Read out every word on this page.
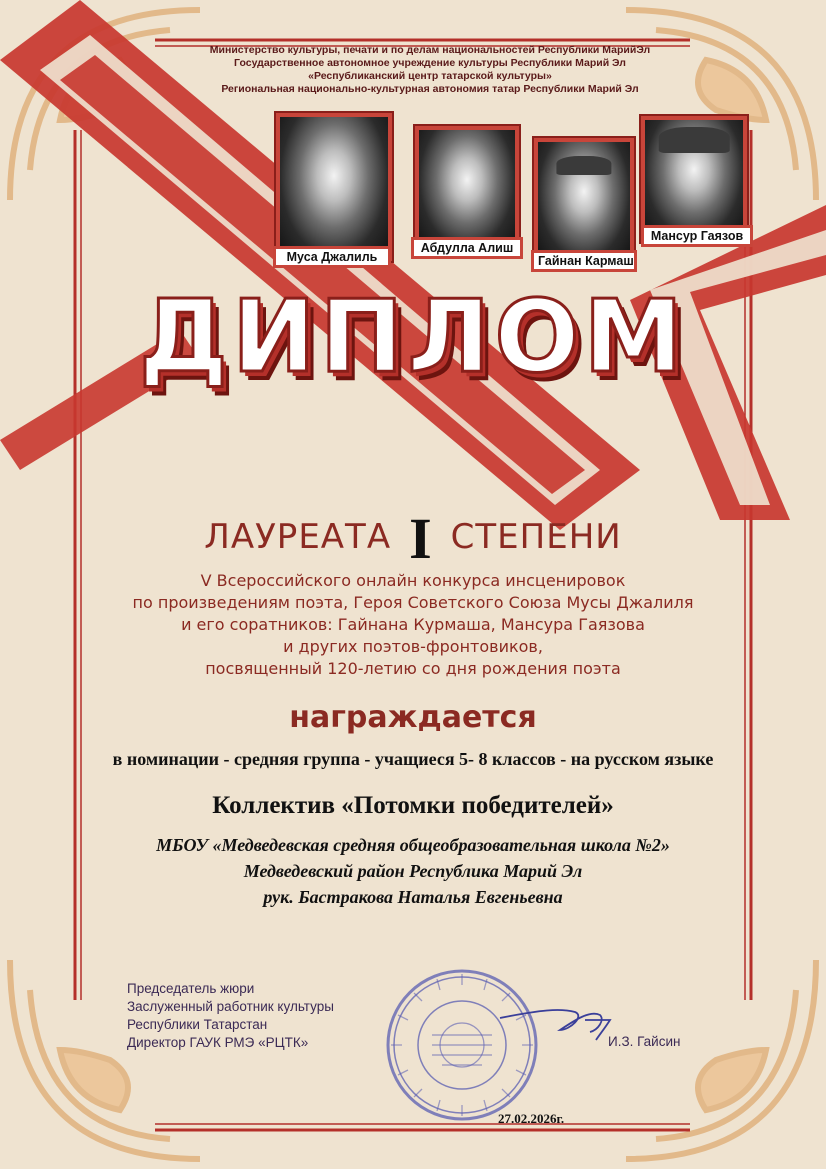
Министерство культуры, печати и по делам национальностей Республики МарийЭл
Государственное автономное учреждение культуры Республики Марий Эл
«Республиканский центр татарской культуры»
Региональная национально-культурная автономия татар Республики Марий Эл
Муса Джалиль
Абдулла Алиш
Гайнан Кармаш
Мансур Гаязов
ДИПЛОМ
ЛАУРЕАТА I СТЕПЕНИ
V Всероссийского онлайн конкурса инсценировок
по произведениям поэта, Героя Советского Союза Мусы Джалиля
и его соратников: Гайнана Курмаша, Мансура Гаязова
и других поэтов-фронтовиков,
посвященный 120-летию со дня рождения поэта
награждается
в номинации - средняя группа - учащиеся 5- 8 классов - на русском языке
Коллектив «Потомки победителей»
МБОУ «Медведевская средняя общеобразовательная школа №2»
Медведевский район Республика Марий Эл
рук. Бастракова Наталья Евгеньевна
Председатель жюри
Заслуженный работник культуры
Республики Татарстан
Директор ГАУК РМЭ «РЦТК»	И.З. Гайсин
27.02.2026г.
